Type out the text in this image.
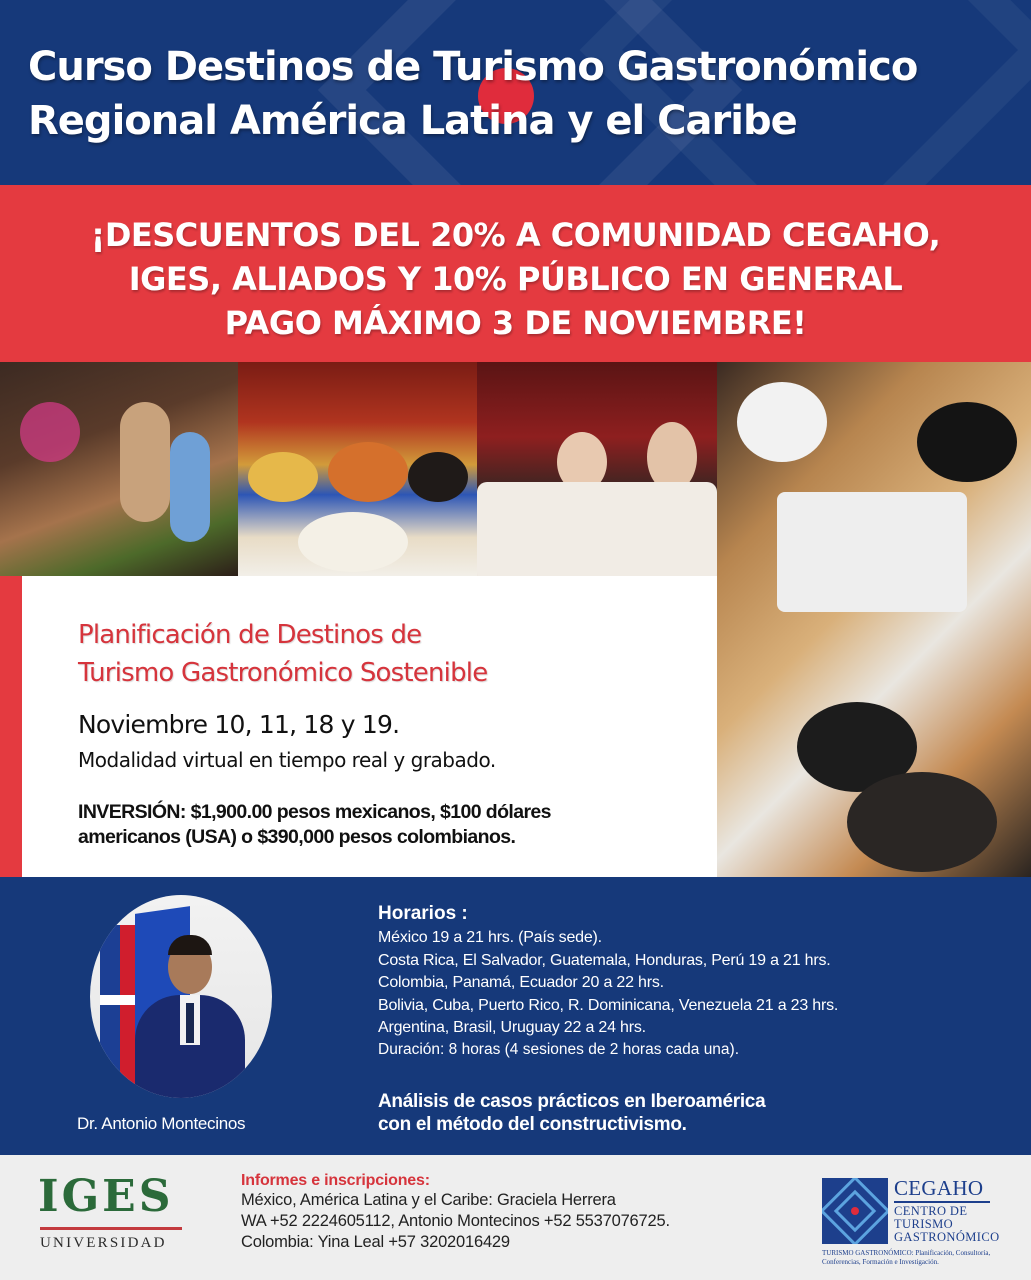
Curso Destinos de Turismo Gastronómico
Regional América Latina y el Caribe

¡DESCUENTOS DEL 20% A COMUNIDAD CEGAHO,
IGES, ALIADOS Y 10% PÚBLICO EN GENERAL
PAGO MÁXIMO 3 DE NOVIEMBRE!

Planificación de Destinos de
Turismo Gastronómico Sostenible
Noviembre 10, 11, 18 y 19.
Modalidad virtual en tiempo real y grabado.
INVERSIÓN: $1,900.00 pesos mexicanos, $100 dólares
americanos (USA) o $390,000 pesos colombianos.
Dr. Antonio Montecinos
Horarios :
México 19 a 21 hrs. (País sede).
Costa Rica, El Salvador, Guatemala, Honduras, Perú 19 a 21 hrs.
Colombia, Panamá, Ecuador 20 a 22 hrs.
Bolivia, Cuba, Puerto Rico, R. Dominicana, Venezuela 21 a 23 hrs.
Argentina, Brasil, Uruguay 22 a 24 hrs.
Duración: 8 horas (4 sesiones de 2 horas cada una).
Análisis de casos prácticos en Iberoamérica
con el método del constructivismo.
IGES
UNIVERSIDAD
Informes e inscripciones:
México, América Latina y el Caribe: Graciela Herrera
WA +52 2224605112, Antonio Montecinos +52 5537076725.
Colombia: Yina Leal +57 3202016429
CEGAHO
CENTRO DE
TURISMO
GASTRONÓMICO
TURISMO GASTRONÓMICO: Planificación, Consultoría, Conferencias, Formación e Investigación.
